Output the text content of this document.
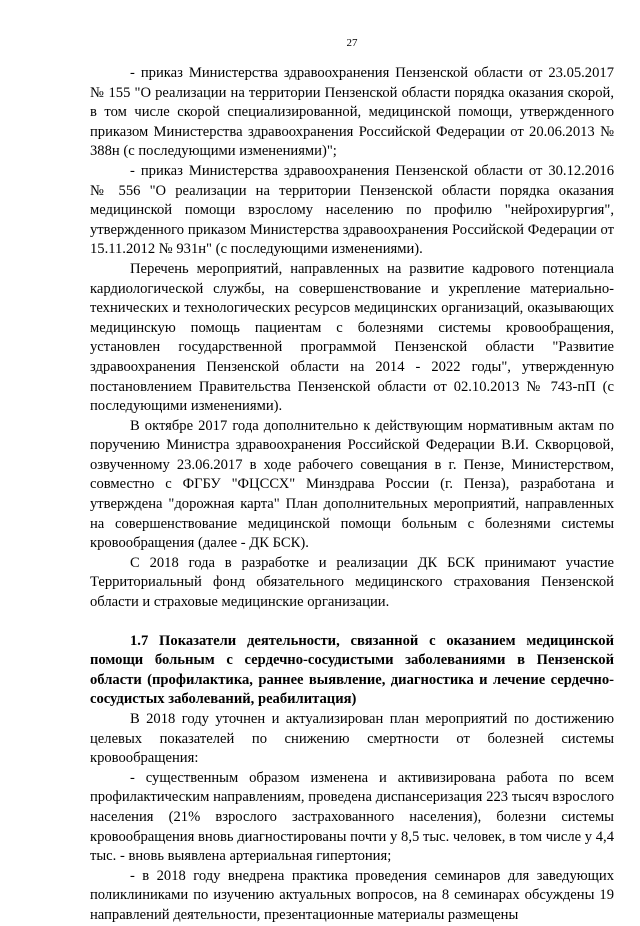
27

- приказ Министерства здравоохранения Пензенской области от 23.05.2017 № 155 "О реализации на территории Пензенской области порядка оказания скорой, в том числе скорой специализированной, медицинской помощи, утвержденного приказом Министерства здравоохранения Российской Федерации от 20.06.2013 № 388н (с последующими изменениями)";

- приказ Министерства здравоохранения Пензенской области от 30.12.2016 № 556 "О реализации на территории Пензенской области порядка оказания медицинской помощи взрослому населению по профилю "нейрохирургия", утвержденного приказом Министерства здравоохранения Российской Федерации от 15.11.2012 № 931н" (с последующими изменениями).

Перечень мероприятий, направленных на развитие кадрового потенциала кардиологической службы, на совершенствование и укрепление материально-технических и технологических ресурсов медицинских организаций, оказывающих медицинскую помощь пациентам с болезнями системы кровообращения, установлен государственной программой Пензенской области "Развитие здравоохранения Пензенской области на 2014 - 2022 годы", утвержденную постановлением Правительства Пензенской области от 02.10.2013 № 743-пП (с последующими изменениями).

В октябре 2017 года дополнительно к действующим нормативным актам по поручению Министра здравоохранения Российской Федерации В.И. Скворцовой, озвученному 23.06.2017 в ходе рабочего совещания в г. Пензе, Министерством, совместно с ФГБУ "ФЦССХ" Минздрава России (г. Пенза), разработана и утверждена "дорожная карта" План дополнительных мероприятий, направленных на совершенствование медицинской помощи больным с болезнями системы кровообращения (далее - ДК БСК).

С 2018 года в разработке и реализации ДК БСК принимают участие Территориальный фонд обязательного медицинского страхования Пензенской области и страховые медицинские организации.

1.7 Показатели деятельности, связанной с оказанием медицинской помощи больным с сердечно-сосудистыми заболеваниями в Пензенской области (профилактика, раннее выявление, диагностика и лечение сердечно-сосудистых заболеваний, реабилитация)

В 2018 году уточнен и актуализирован план мероприятий по достижению целевых показателей по снижению смертности от болезней системы кровообращения:

- существенным образом изменена и активизирована работа по всем профилактическим направлениям, проведена диспансеризация 223 тысяч взрослого населения (21% взрослого застрахованного населения), болезни системы кровообращения вновь диагностированы почти у 8,5 тыс. человек, в том числе у 4,4 тыс. - вновь выявлена артериальная гипертония;

- в 2018 году внедрена практика проведения семинаров для заведующих поликлиниками по изучению актуальных вопросов, на 8 семинарах обсуждены 19 направлений деятельности, презентационные материалы размещены
